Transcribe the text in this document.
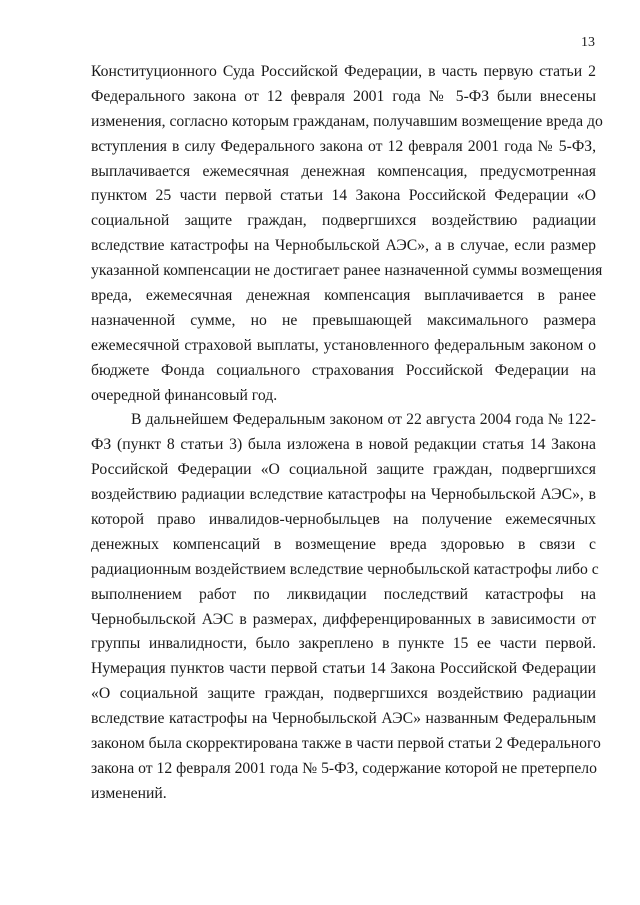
13
Конституционного Суда Российской Федерации, в часть первую статьи 2
Федерального закона от 12 февраля 2001 года № 5-ФЗ были внесены
изменения, согласно которым гражданам, получавшим возмещение вреда до
вступления в силу Федерального закона от 12 февраля 2001 года № 5-ФЗ,
выплачивается ежемесячная денежная компенсация, предусмотренная
пунктом 25 части первой статьи 14 Закона Российской Федерации «О
социальной защите граждан, подвергшихся воздействию радиации
вследствие катастрофы на Чернобыльской АЭС», а в случае, если размер
указанной компенсации не достигает ранее назначенной суммы возмещения
вреда, ежемесячная денежная компенсация выплачивается в ранее
назначенной сумме, но не превышающей максимального размера
ежемесячной страховой выплаты, установленного федеральным законом о
бюджете Фонда социального страхования Российской Федерации на
очередной финансовый год.
В дальнейшем Федеральным законом от 22 августа 2004 года № 122-
ФЗ (пункт 8 статьи 3) была изложена в новой редакции статья 14 Закона
Российской Федерации «О социальной защите граждан, подвергшихся
воздействию радиации вследствие катастрофы на Чернобыльской АЭС», в
которой право инвалидов-чернобыльцев на получение ежемесячных
денежных компенсаций в возмещение вреда здоровью в связи с
радиационным воздействием вследствие чернобыльской катастрофы либо с
выполнением работ по ликвидации последствий катастрофы на
Чернобыльской АЭС в размерах, дифференцированных в зависимости от
группы инвалидности, было закреплено в пункте 15 ее части первой.
Нумерация пунктов части первой статьи 14 Закона Российской Федерации
«О социальной защите граждан, подвергшихся воздействию радиации
вследствие катастрофы на Чернобыльской АЭС» названным Федеральным
законом была скорректирована также в части первой статьи 2 Федерального
закона от 12 февраля 2001 года № 5-ФЗ, содержание которой не претерпело
изменений.
